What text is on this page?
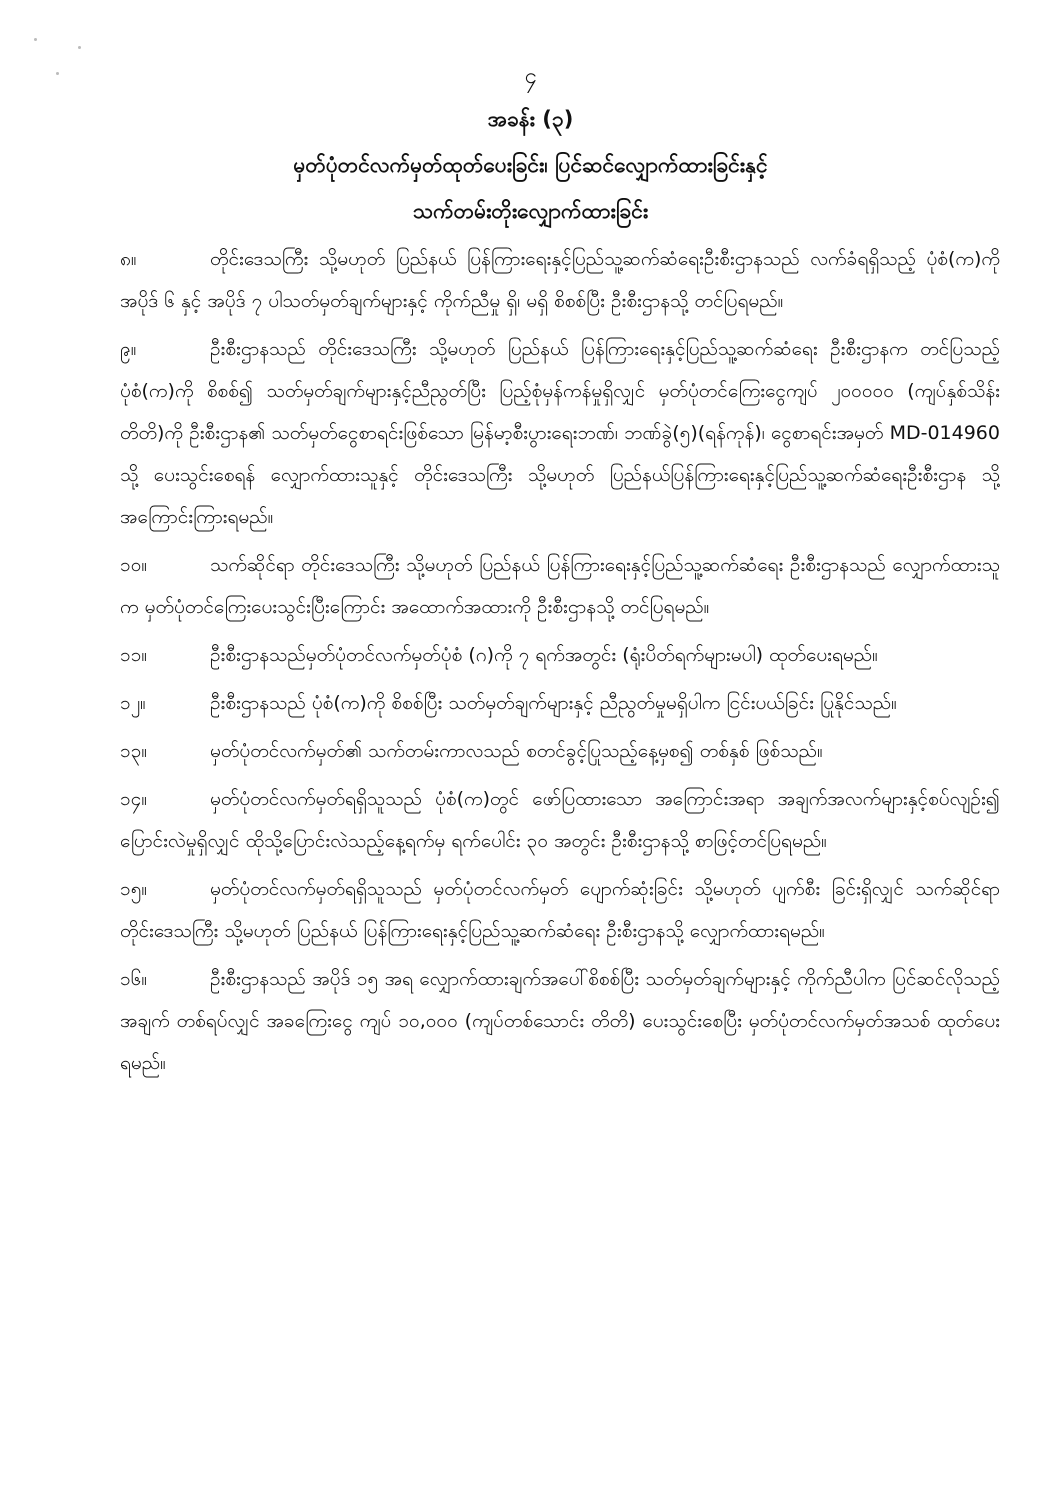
၄
အခန်း (၃)
မှတ်ပုံတင်လက်မှတ်ထုတ်ပေးခြင်း၊ ပြင်ဆင်လျှောက်ထားခြင်းနှင့်
သက်တမ်းတိုးလျှောက်ထားခြင်း

၈။	တိုင်းဒေသကြီး သို့မဟုတ် ပြည်နယ် ပြန်ကြားရေးနှင့်ပြည်သူ့ဆက်ဆံရေးဦးစီးဌာနသည် လက်ခံရရှိသည့် ပုံစံ(က)ကို အပိုဒ် ၆ နှင့် အပိုဒ် ၇ ပါသတ်မှတ်ချက်များနှင့် ကိုက်ညီမှု ရှိ၊ မရှိ စိစစ်ပြီး ဦးစီးဌာနသို့ တင်ပြရမည်။

၉။	ဦးစီးဌာနသည် တိုင်းဒေသကြီး သို့မဟုတ် ပြည်နယ် ပြန်ကြားရေးနှင့်ပြည်သူ့ဆက်ဆံရေး ဦးစီးဌာနက တင်ပြသည့် ပုံစံ(က)ကို စိစစ်၍ သတ်မှတ်ချက်များနှင့်ညီညွတ်ပြီး ပြည့်စုံမှန်ကန်မှုရှိလျှင် မှတ်ပုံတင်ကြေးငွေကျပ် ၂၀၀၀၀၀ (ကျပ်နှစ်သိန်းတိတိ)ကို ဦးစီးဌာန၏ သတ်မှတ်ငွေစာရင်းဖြစ်သော မြန်မာ့စီးပွားရေးဘဏ်၊ ဘဏ်ခွဲ(၅)(ရန်ကုန်)၊ ငွေစာရင်းအမှတ် MD-014960 သို့ ပေးသွင်းစေရန် လျှောက်ထားသူနှင့် တိုင်းဒေသကြီး သို့မဟုတ် ပြည်နယ်ပြန်ကြားရေးနှင့်ပြည်သူ့ဆက်ဆံရေးဦးစီးဌာန သို့ အကြောင်းကြားရမည်။

၁၀။	သက်ဆိုင်ရာ တိုင်းဒေသကြီး သို့မဟုတ် ပြည်နယ် ပြန်ကြားရေးနှင့်ပြည်သူ့ဆက်ဆံရေး ဦးစီးဌာနသည် လျှောက်ထားသူက မှတ်ပုံတင်ကြေးပေးသွင်းပြီးကြောင်း အထောက်အထားကို ဦးစီးဌာနသို့ တင်ပြရမည်။

၁၁။	ဦးစီးဌာနသည်မှတ်ပုံတင်လက်မှတ်ပုံစံ (ဂ)ကို ၇ ရက်အတွင်း (ရုံးပိတ်ရက်များမပါ) ထုတ်ပေးရမည်။

၁၂။	ဦးစီးဌာနသည် ပုံစံ(က)ကို စိစစ်ပြီး သတ်မှတ်ချက်များနှင့် ညီညွတ်မှုမရှိပါက ငြင်းပယ်ခြင်း ပြုနိုင်သည်။

၁၃။	မှတ်ပုံတင်လက်မှတ်၏ သက်တမ်းကာလသည် စတင်ခွင့်ပြုသည့်နေ့မှစ၍ တစ်နှစ် ဖြစ်သည်။

၁၄။	မှတ်ပုံတင်လက်မှတ်ရရှိသူသည် ပုံစံ(က)တွင် ဖော်ပြထားသော အကြောင်းအရာ အချက်အလက်များနှင့်စပ်လျဉ်း၍ ပြောင်းလဲမှုရှိလျှင် ထိုသို့ပြောင်းလဲသည့်နေ့ရက်မှ ရက်ပေါင်း ၃၀ အတွင်း ဦးစီးဌာနသို့ စာဖြင့်တင်ပြရမည်။

၁၅။	မှတ်ပုံတင်လက်မှတ်ရရှိသူသည် မှတ်ပုံတင်လက်မှတ် ပျောက်ဆုံးခြင်း သို့မဟုတ် ပျက်စီး ခြင်းရှိလျှင် သက်ဆိုင်ရာ တိုင်းဒေသကြီး သို့မဟုတ် ပြည်နယ် ပြန်ကြားရေးနှင့်ပြည်သူ့ဆက်ဆံရေး ဦးစီးဌာနသို့ လျှောက်ထားရမည်။

၁၆။	ဦးစီးဌာနသည် အပိုဒ် ၁၅ အရ လျှောက်ထားချက်အပေါ်စိစစ်ပြီး သတ်မှတ်ချက်များနှင့် ကိုက်ညီပါက ပြင်ဆင်လိုသည့်အချက် တစ်ရပ်လျှင် အခကြေးငွေ ကျပ် ၁၀,၀၀၀ (ကျပ်တစ်သောင်း တိတိ) ပေးသွင်းစေပြီး မှတ်ပုံတင်လက်မှတ်အသစ် ထုတ်ပေးရမည်။
